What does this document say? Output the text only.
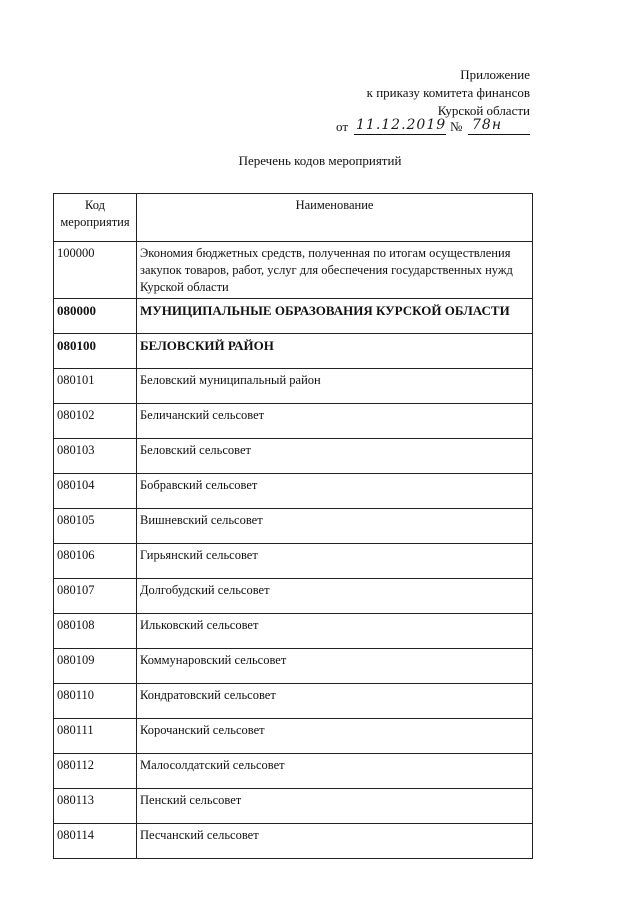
Приложение
к приказу комитета финансов
Курской области
от 11.12.2019 № 78н
Перечень кодов мероприятий
Код мероприятия	Наименование
100000	Экономия бюджетных средств, полученная по итогам осуществления закупок товаров, работ, услуг для обеспечения государственных нужд Курской области
080000	МУНИЦИПАЛЬНЫЕ ОБРАЗОВАНИЯ КУРСКОЙ ОБЛАСТИ
080100	БЕЛОВСКИЙ РАЙОН
080101	Беловский муниципальный район
080102	Беличанский сельсовет
080103	Беловский сельсовет
080104	Бобравский сельсовет
080105	Вишневский сельсовет
080106	Гирьянский сельсовет
080107	Долгобудский сельсовет
080108	Ильковский сельсовет
080109	Коммунаровский сельсовет
080110	Кондратовский сельсовет
080111	Корочанский сельсовет
080112	Малосолдатский сельсовет
080113	Пенский сельсовет
080114	Песчанский сельсовет
